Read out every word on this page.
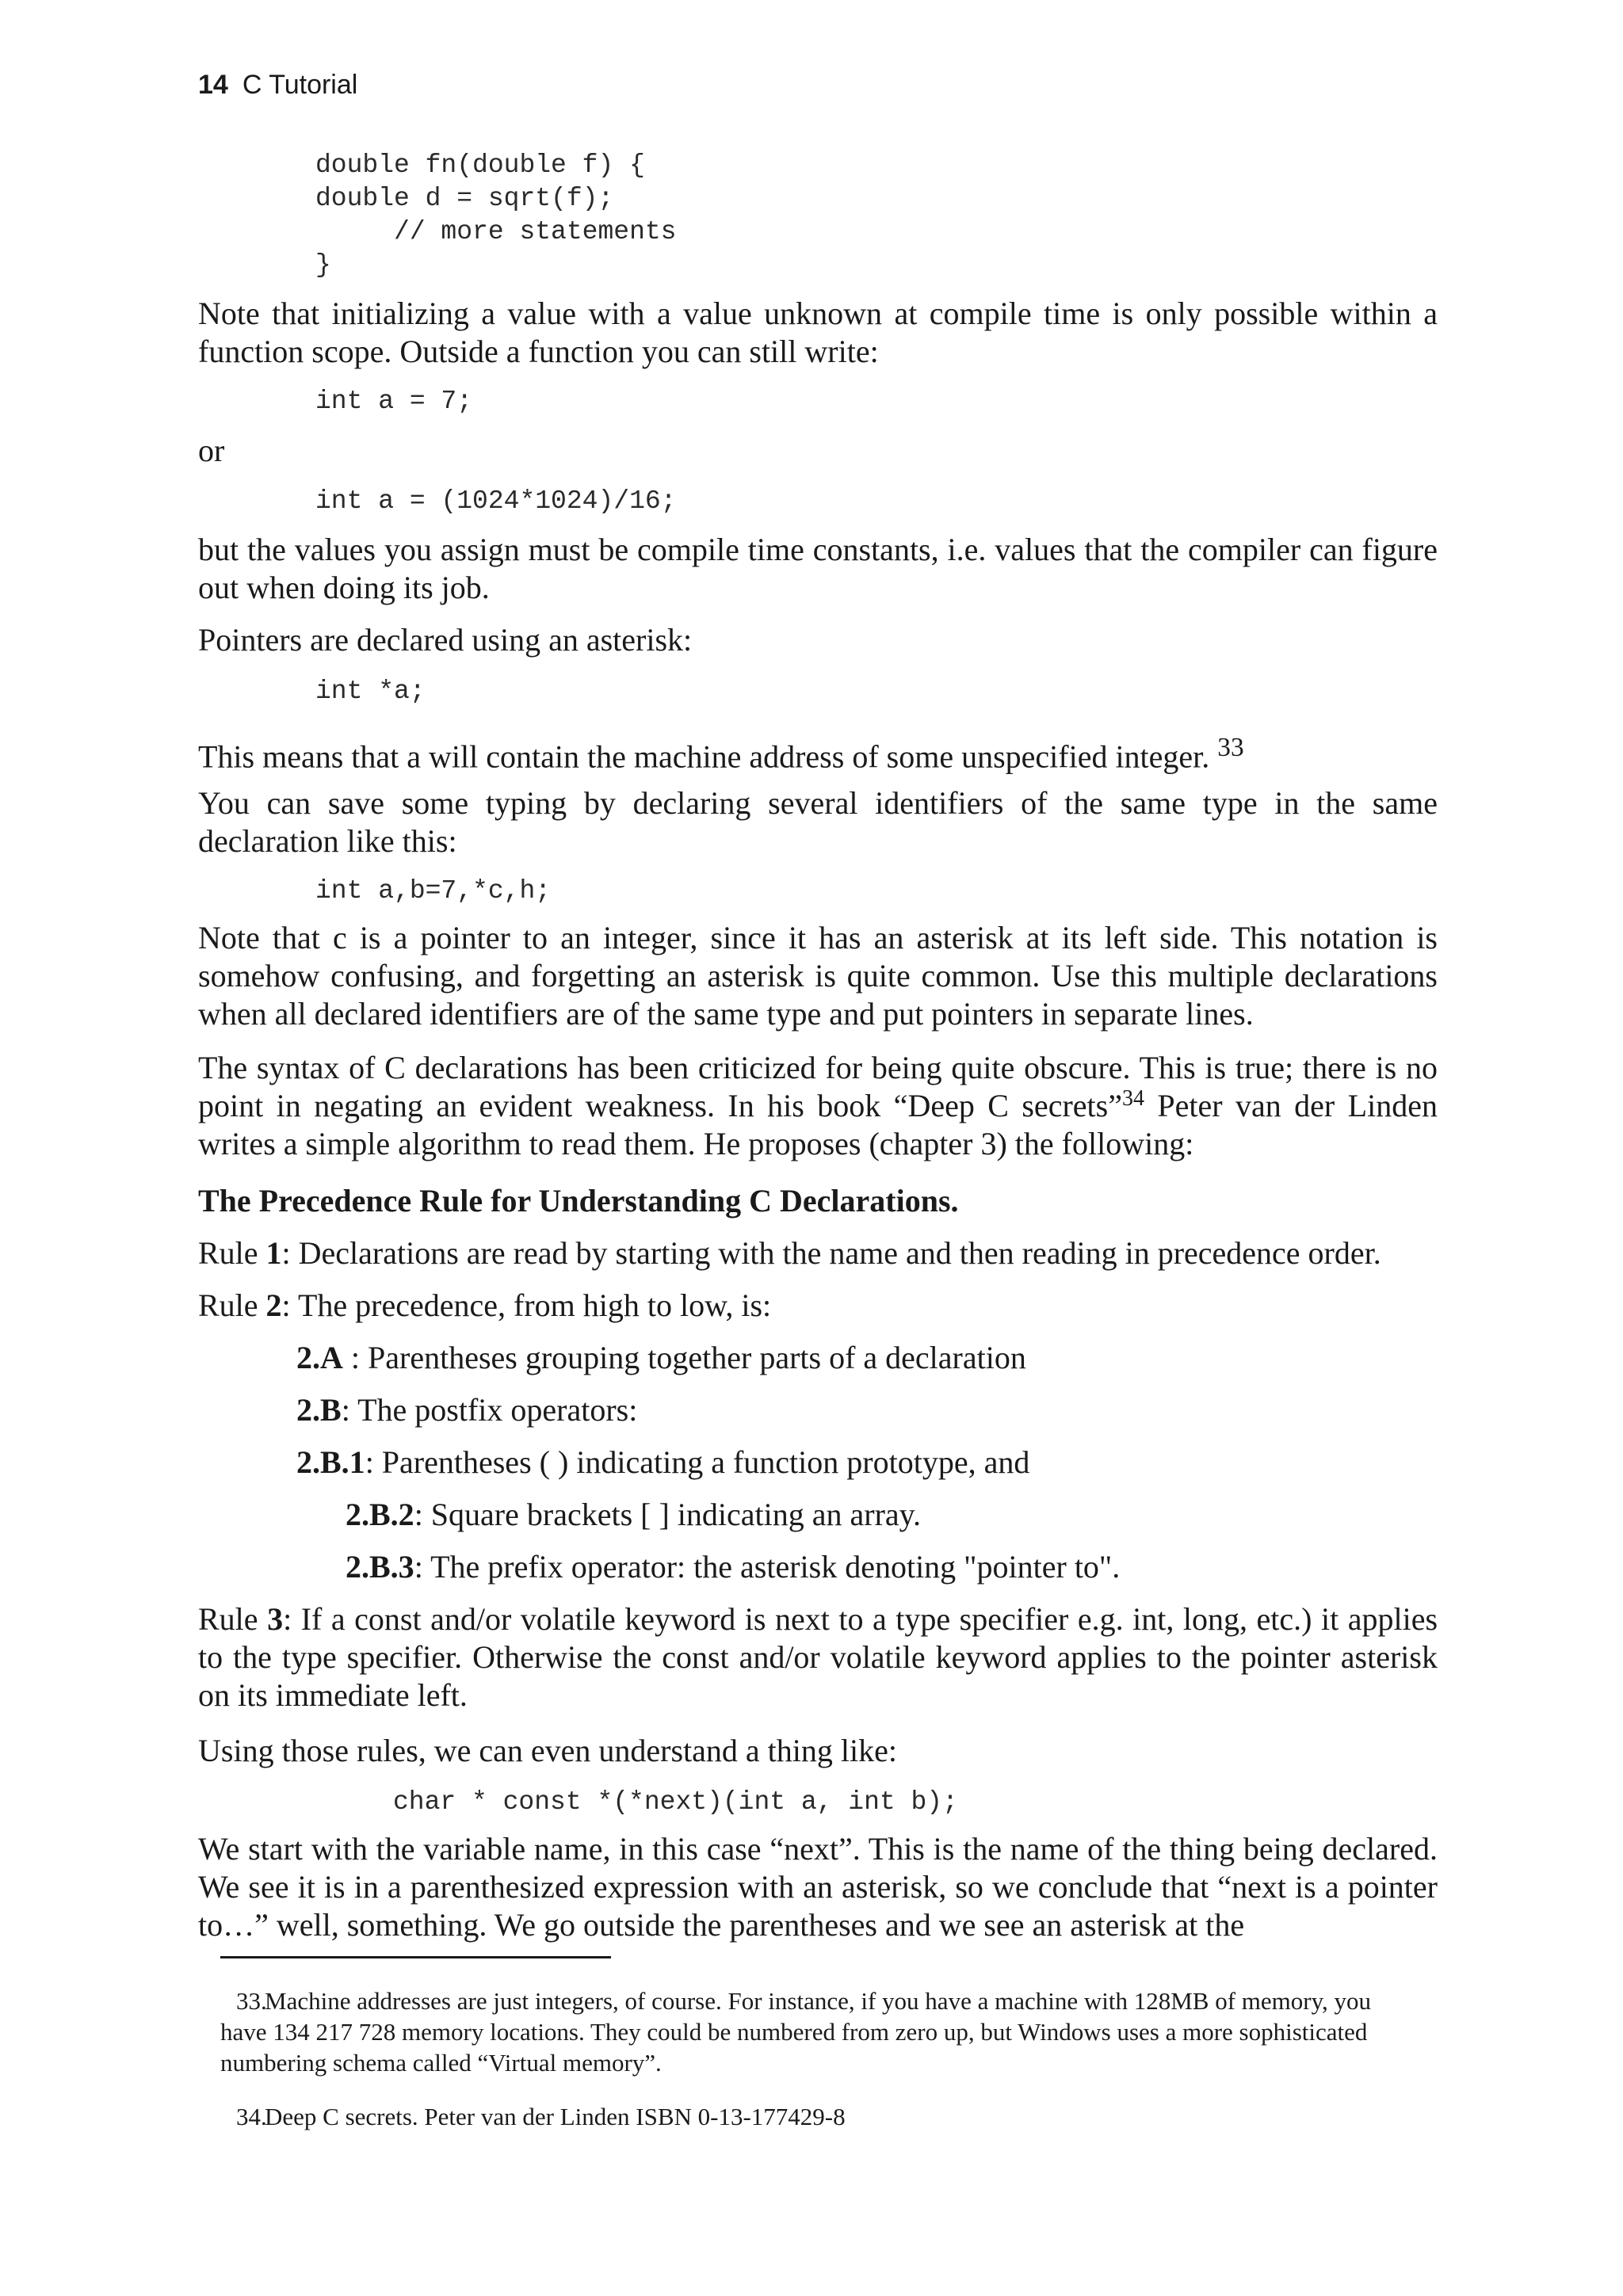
14 C Tutorial
double fn(double f) {
double d = sqrt(f);
// more statements
}

Note that initializing a value with a value unknown at compile time is only possible within a function scope. Outside a function you can still write:

int a = 7;

or

int a = (1024*1024)/16;

but the values you assign must be compile time constants, i.e. values that the compiler can figure out when doing its job.

Pointers are declared using an asterisk:

int *a;

This means that a will contain the machine address of some unspecified integer. $^{33}$

You can save some typing by declaring several identifiers of the same type in the same declaration like this:

int a,b=7,*c,h;

Note that c is a pointer to an integer, since it has an asterisk at its left side. This notation is somehow confusing, and forgetting an asterisk is quite common. Use this multiple declarations when all declared identifiers are of the same type and put pointers in separate lines.

The syntax of C declarations has been criticized for being quite obscure. This is true; there is no point in negating an evident weakness. In his book “Deep C secrets”$^{34}$ Peter van der Linden writes a simple algorithm to read them. He proposes (chapter 3) the following:

The Precedence Rule for Understanding C Declarations.

Rule 1: Declarations are read by starting with the name and then reading in precedence order.

Rule 2: The precedence, from high to low, is:

2.A : Parentheses grouping together parts of a declaration

2.B: The postfix operators:

2.B.1: Parentheses ( ) indicating a function prototype, and

2.B.2: Square brackets [ ] indicating an array.

2.B.3: The prefix operator: the asterisk denoting "pointer to".

Rule 3: If a const and/or volatile keyword is next to a type specifier e.g. int, long, etc.) it applies to the type specifier. Otherwise the const and/or volatile keyword applies to the pointer asterisk on its immediate left.

Using those rules, we can even understand a thing like:

char * const *(*next)(int a, int b);

We start with the variable name, in this case “next”. This is the name of the thing being declared. We see it is in a parenthesized expression with an asterisk, so we conclude that “next is a pointer to…” well, something. We go outside the parentheses and we see an asterisk at the

33.Machine addresses are just integers, of course. For instance, if you have a machine with 128MB of memory, you have 134 217 728 memory locations. They could be numbered from zero up, but Windows uses a more sophisticated numbering schema called “Virtual memory”.

34.Deep C secrets. Peter van der Linden ISBN 0-13-177429-8
